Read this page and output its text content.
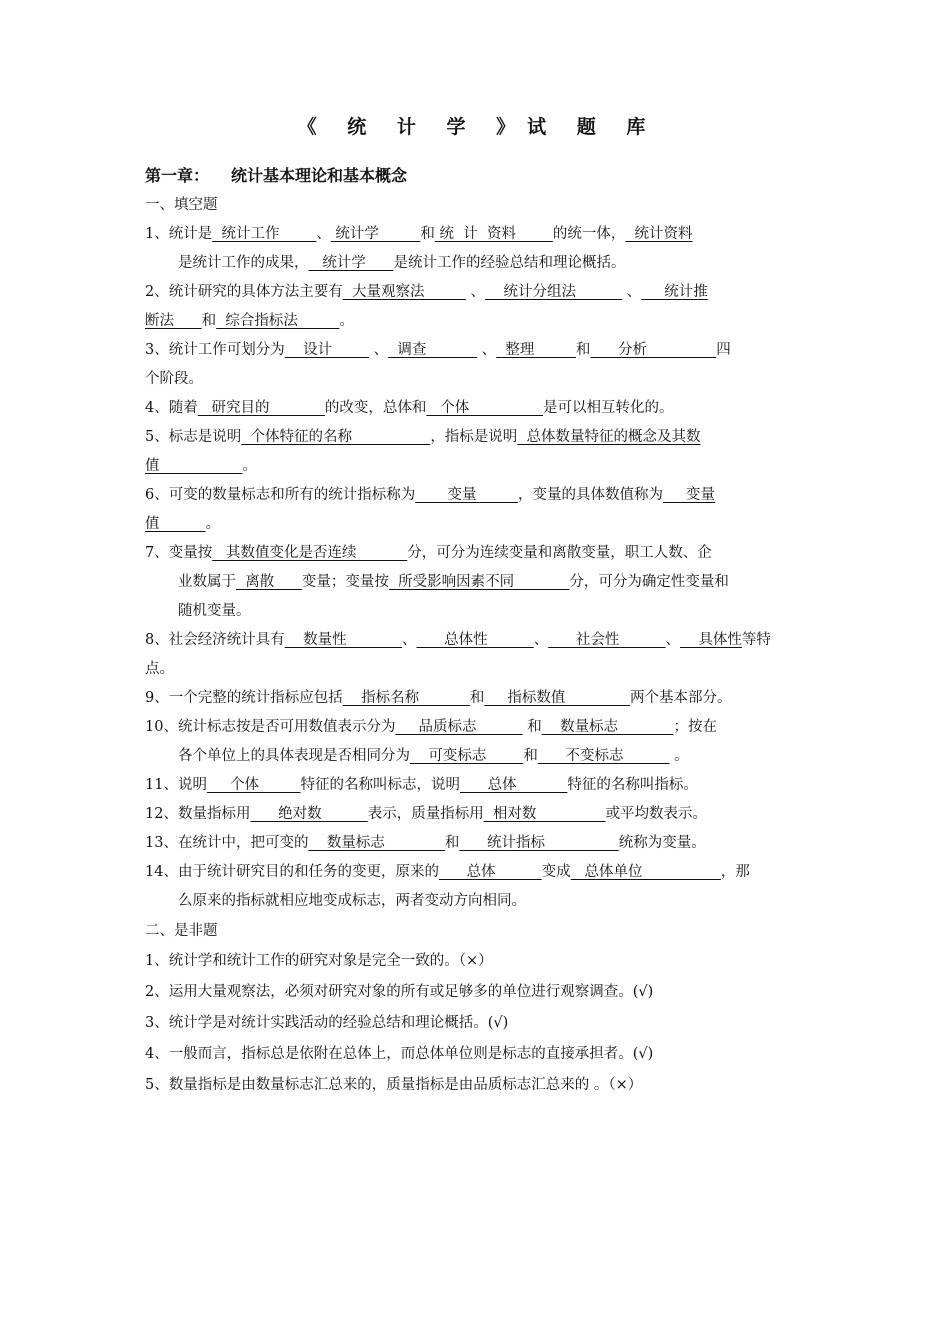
《 统 计 学 》试 题 库
第一章： 统计基本理论和基本概念
一、填空题
1、统计是  统计工作        、 统计学         和 统  计  资料        的统一体，  统计资料
是统计工作的成果，   统计学      是统计工作的经验总结和理论概括。
2、统计研究的具体方法主要有  大量观察法          、    统计分组法           、     统计推
断法      和  综合指标法         。
3、统计工作可划分为    设计         、  调查            、  整理         和      分析               四
个阶段。
4、随着   研究目的            的改变，总体和   个体                是可以相互转化的。
5、标志是说明  个体特征的名称                 ，指标是说明  总体数量特征的概念及其数
值                  。
6、可变的数量标志和所有的统计指标称为       变量         ，变量的具体数值称为     变量
值          。
7、变量按   其数值变化是否连续           分，可分为连续变量和离散变量，职工人数、企
业数属于  离散      变量；变量按  所受影响因素不同            分，可分为确定性变量和
随机变量。
8、社会经济统计具有    数量性            、      总体性          、      社会性          、    具体性等特
点。
9、一个完整的统计指标应包括    指标名称           和     指标数值              两个基本部分。
10、统计标志按是否可用数值表示分为     品质标志           和    数量标志            ；按在
各个单位上的具体表现是否相同分为    可变标志        和      不变标志           。
11、说明     个体         特征的名称叫标志，说明      总体           特征的名称叫指标。
12、数量指标用      绝对数          表示，质量指标用  相对数               或平均数表示。
13、在统计中，把可变的    数量标志             和      统计指标                统称为变量。
14、由于统计研究目的和任务的变更，原来的      总体          变成   总体单位                 ，那
么原来的指标就相应地变成标志，两者变动方向相同。
二、是非题
1、统计学和统计工作的研究对象是完全一致的。（×）
2、运用大量观察法，必须对研究对象的所有或足够多的单位进行观察调查。(√)
3、统计学是对统计实践活动的经验总结和理论概括。(√)
4、一般而言，指标总是依附在总体上，而总体单位则是标志的直接承担者。(√)
5、数量指标是由数量标志汇总来的，质量指标是由品质标志汇总来的 。（×）
